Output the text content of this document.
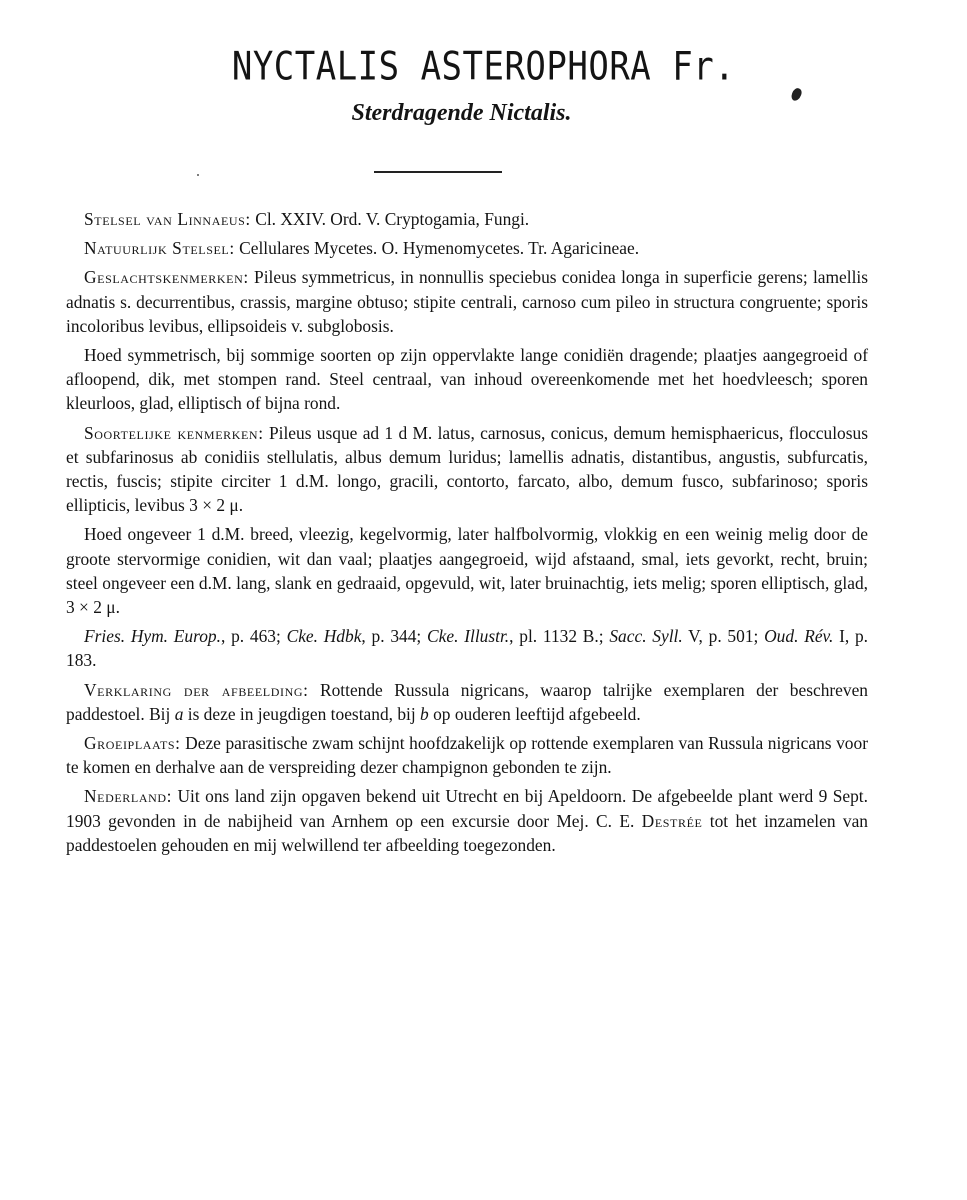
NYCTALIS ASTEROPHORA Fr.
Sterdragende Nictalis.

Stelsel van Linnaeus: Cl. XXIV. Ord. V. Cryptogamia, Fungi.

Natuurlijk Stelsel: Cellulares Mycetes. O. Hymenomycetes. Tr. Agaricineae.

Geslachtskenmerken: Pileus symmetricus, in nonnullis speciebus conidea longa in superficie gerens; lamellis adnatis s. decurrentibus, crassis, margine obtuso; stipite centrali, carnoso cum pileo in structura congruente; sporis incoloribus levibus, ellipsoideis v. subglobosis.

Hoed symmetrisch, bij sommige soorten op zijn oppervlakte lange conidiën dragende; plaatjes aangegroeid of afloopend, dik, met stompen rand. Steel centraal, van inhoud overeenkomende met het hoedvleesch; sporen kleurloos, glad, elliptisch of bijna rond.

Soortelijke kenmerken: Pileus usque ad 1 d M. latus, carnosus, conicus, demum hemisphaericus, flocculosus et subfarinosus ab conidiis stellulatis, albus demum luridus; lamellis adnatis, distantibus, angustis, subfurcatis, rectis, fuscis; stipite circiter 1 d.M. longo, gracili, contorto, farcato, albo, demum fusco, subfarinoso; sporis ellipticis, levibus 3 × 2 μ.

Hoed ongeveer 1 d.M. breed, vleezig, kegelvormig, later halfbolvormig, vlokkig en een weinig melig door de groote stervormige conidien, wit dan vaal; plaatjes aangegroeid, wijd afstaand, smal, iets gevorkt, recht, bruin; steel ongeveer een d.M. lang, slank en gedraaid, opgevuld, wit, later bruinachtig, iets melig; sporen elliptisch, glad, 3 × 2 μ.

Fries. Hym. Europ., p. 463; Cke. Hdbk, p. 344; Cke. Illustr., pl. 1132 B.; Sacc. Syll. V, p. 501; Oud. Rév. I, p. 183.

Verklaring der afbeelding: Rottende Russula nigricans, waarop talrijke exemplaren der beschreven paddestoel. Bij a is deze in jeugdigen toestand, bij b op ouderen leeftijd afgebeeld.

Groeiplaats: Deze parasitische zwam schijnt hoofdzakelijk op rottende exemplaren van Russula nigricans voor te komen en derhalve aan de verspreiding dezer champignon gebonden te zijn.

Nederland: Uit ons land zijn opgaven bekend uit Utrecht en bij Apeldoorn. De afgebeelde plant werd 9 Sept. 1903 gevonden in de nabijheid van Arnhem op een excursie door Mej. C. E. Destrée tot het inzamelen van paddestoelen gehouden en mij welwillend ter afbeelding toegezonden.
